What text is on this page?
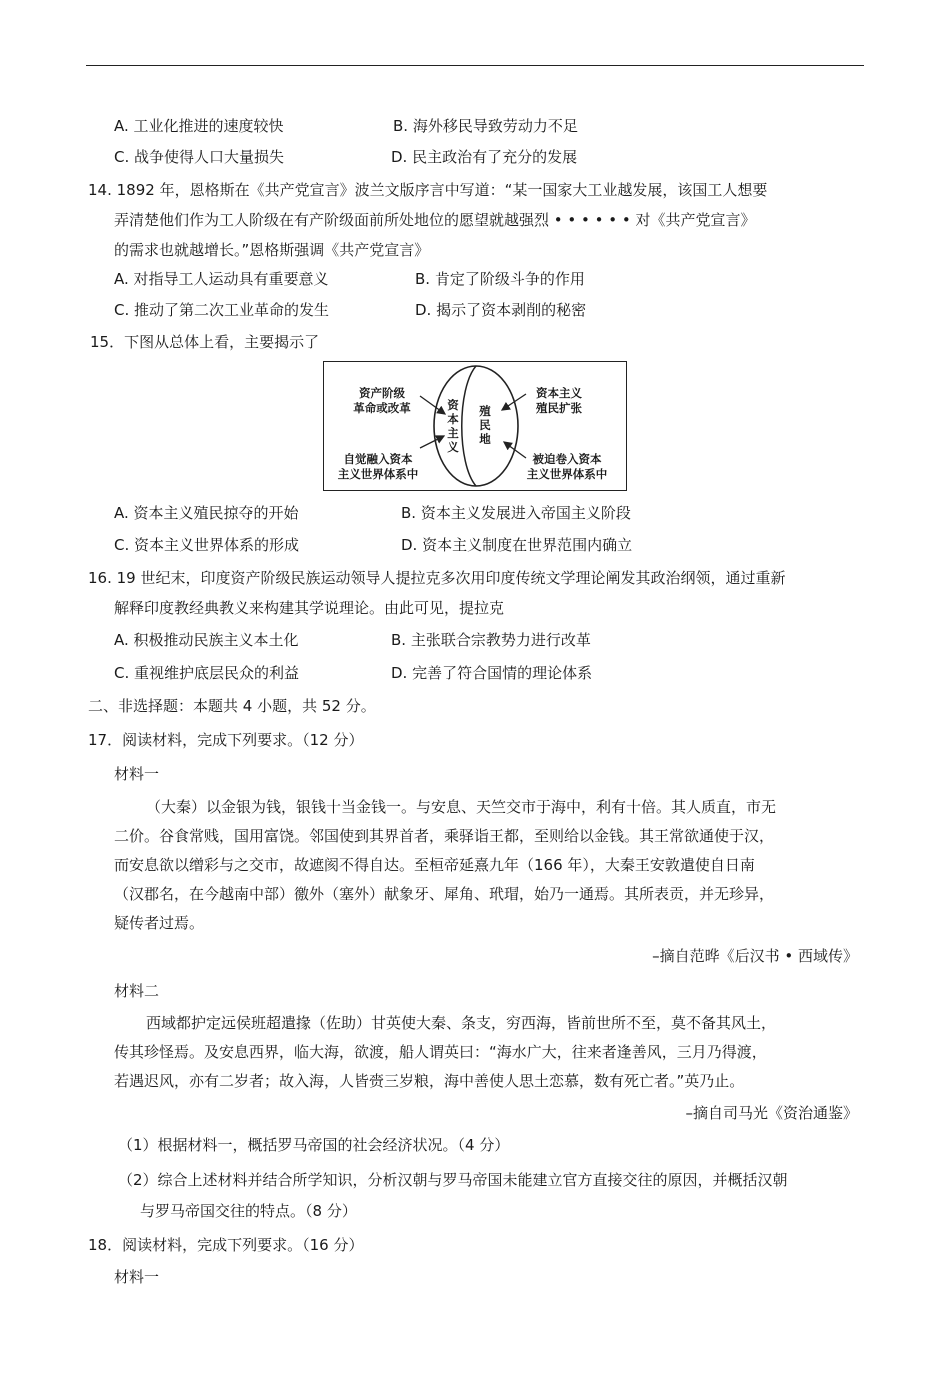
A. 工业化推进的速度较快	B. 海外移民导致劳动力不足
C. 战争使得人口大量损失	D. 民主政治有了充分的发展
14. 1892 年，恩格斯在《共产党宣言》波兰文版序言中写道：“某一国家大工业越发展，该国工人想要
弄清楚他们作为工人阶级在有产阶级面前所处地位的愿望就越强烈 • • • • • • 对《共产党宣言》
的需求也就越增长。”恩格斯强调《共产党宣言》
A. 对指导工人运动具有重要意义	B. 肯定了阶级斗争的作用
C. 推动了第二次工业革命的发生	D. 揭示了资本剥削的秘密
15．下图从总体上看，主要揭示了
资产阶级
革命或改革
资本主义
殖民扩张
自觉融入资本
主义世界体系中
被迫卷入资本
主义世界体系中
资本主义
殖民地
A. 资本主义殖民掠夺的开始	B. 资本主义发展进入帝国主义阶段
C. 资本主义世界体系的形成	D. 资本主义制度在世界范围内确立
16. 19 世纪末，印度资产阶级民族运动领导人提拉克多次用印度传统文学理论阐发其政治纲领，通过重新
解释印度教经典教义来构建其学说理论。由此可见，提拉克
A. 积极推动民族主义本土化	B. 主张联合宗教势力进行改革
C. 重视维护底层民众的利益	D. 完善了符合国情的理论体系
二、非选择题：本题共 4 小题，共 52 分。
17．阅读材料，完成下列要求。（12 分）
材料一
（大秦）以金银为钱，银钱十当金钱一。与安息、天竺交市于海中，利有十倍。其人质直，市无
二价。谷食常贱，国用富饶。邻国使到其界首者，乘驿诣王都，至则给以金钱。其王常欲通使于汉，
而安息欲以缯彩与之交市，故遮阂不得自达。至桓帝延熹九年（166 年），大秦王安敦遣使自日南
（汉郡名，在今越南中部）徼外（塞外）献象牙、犀角、玳瑁，始乃一通焉。其所表贡，并无珍异，
疑传者过焉。
–摘自范晔《后汉书 • 西域传》
材料二
西域都护定远侯班超遣掾（佐助）甘英使大秦、条支，穷西海，皆前世所不至，莫不备其风土，
传其珍怪焉。及安息西界，临大海，欲渡，船人谓英曰：“海水广大，往来者逢善风，三月乃得渡，
若遇迟风，亦有二岁者；故入海，人皆赍三岁粮，海中善使人思土恋慕，数有死亡者。”英乃止。
–摘自司马光《资治通鉴》
（1）根据材料一，概括罗马帝国的社会经济状况。（4 分）
（2）综合上述材料并结合所学知识，分析汉朝与罗马帝国未能建立官方直接交往的原因，并概括汉朝
与罗马帝国交往的特点。（8 分）
18．阅读材料，完成下列要求。（16 分）
材料一
